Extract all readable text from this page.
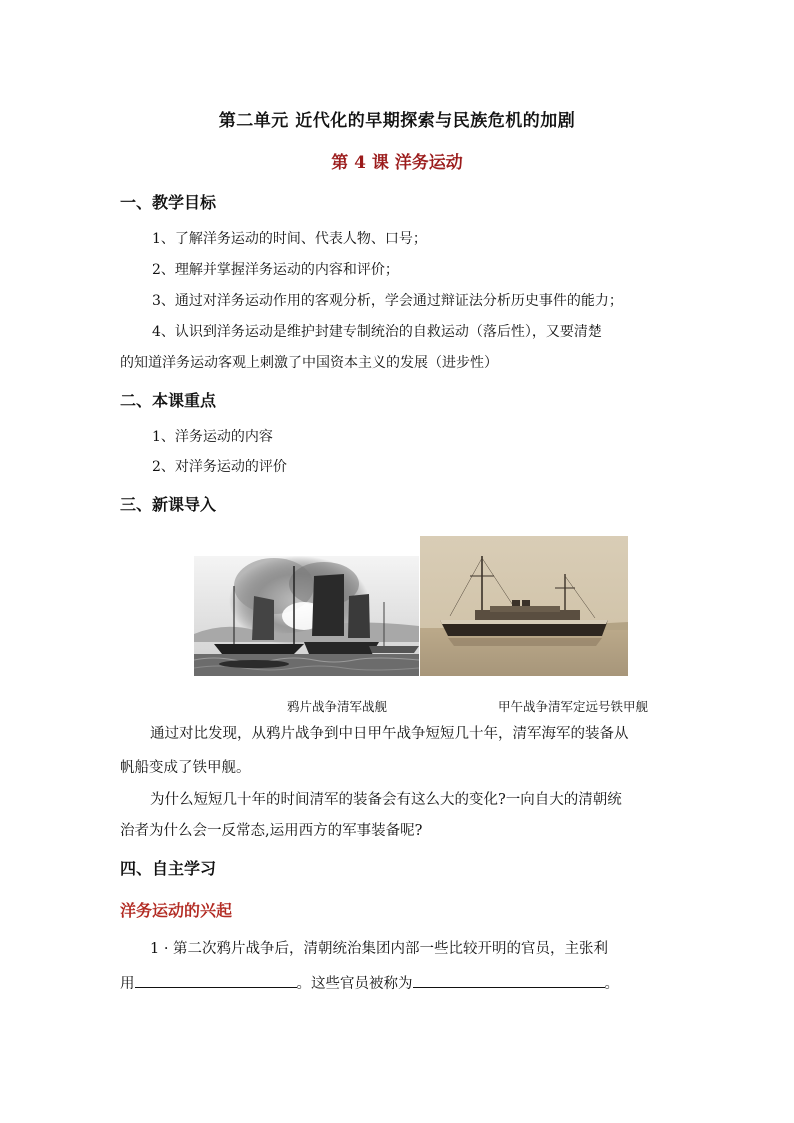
第二单元 近代化的早期探索与民族危机的加剧
第 4 课 洋务运动
一、教学目标
1、了解洋务运动的时间、代表人物、口号；
2、理解并掌握洋务运动的内容和评价；
3、通过对洋务运动作用的客观分析，学会通过辩证法分析历史事件的能力；
4、认识到洋务运动是维护封建专制统治的自救运动（落后性），又要清楚
的知道洋务运动客观上刺激了中国资本主义的发展（进步性）
二、本课重点
1、洋务运动的内容
2、对洋务运动的评价
三、新课导入
鸦片战争清军战舰	甲午战争清军定远号铁甲舰
通过对比发现，从鸦片战争到中日甲午战争短短几十年，清军海军的装备从
帆船变成了铁甲舰。
为什么短短几十年的时间清军的装备会有这么大的变化?一向自大的清朝统
治者为什么会一反常态,运用西方的军事装备呢?
四、自主学习
洋务运动的兴起
1 · 第二次鸦片战争后，清朝统治集团内部一些比较开明的官员，主张利
用	。这些官员被称为	。
